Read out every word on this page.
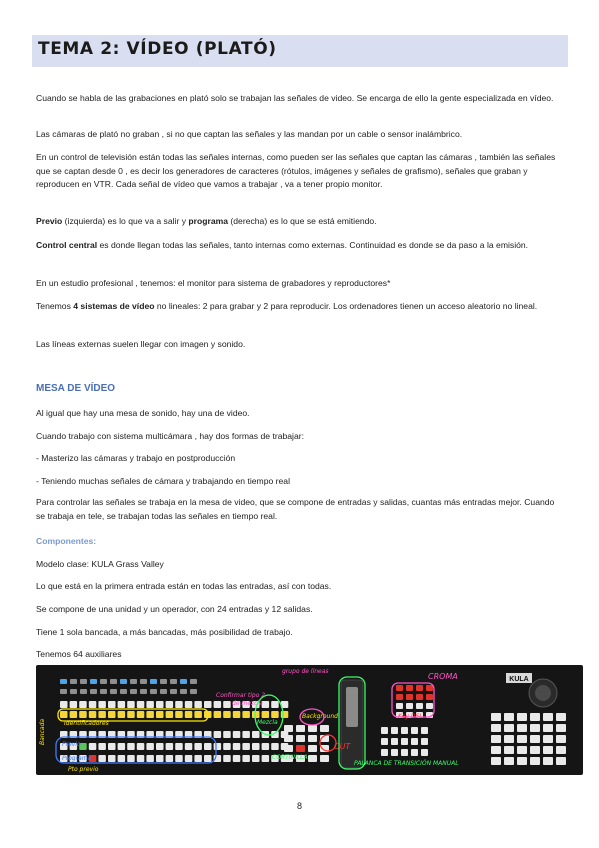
TEMA 2: VÍDEO (PLATÓ)

Cuando se habla de las grabaciones en plató solo se trabajan las señales de video. Se encarga de ello la gente especializada en vídeo.

Las cámaras de plató no graban , si no que captan las señales y las mandan por un cable o sensor inalámbrico.

En un control de televisión están todas las señales internas, como pueden ser las señales que captan las cámaras , también las señales que se captan desde 0 , es decir los generadores de caracteres (rótulos, imágenes y señales de grafismo), señales que graban y reproducen en VTR. Cada señal de vídeo que vamos a trabajar , va a tener propio monitor.

Previo (izquierda) es lo que va a salir y programa (derecha) es lo que se está emitiendo.

Control central es donde llegan todas las señales, tanto internas como externas. Continuidad es donde se da paso a la emisión.

En un estudio profesional , tenemos: el monitor para sistema de grabadores y reproductores*

Tenemos 4 sistemas de vídeo no lineales: 2 para grabar y 2 para reproducir. Los ordenadores tienen un acceso aleatorio no lineal.

Las líneas externas suelen llegar con imagen y sonido.

MESA DE VÍDEO

Al igual que hay una mesa de sonido, hay una de video.

Cuando trabajo con sistema multicámara , hay dos formas de trabajar:

- Masterizo las cámaras y trabajo en postproducción

- Teniendo muchas señales de cámara y trabajando en tiempo real

Para controlar las señales se trabaja en la mesa de video, que se compone de entradas y salidas, cuantas más entradas mejor. Cuando se trabaja en tele, se trabajan todas las señales en tiempo real.

Componentes:

Modelo clase: KULA Grass Valley

Lo que está en la primera entrada están en todas las entradas, así con todas.

Se compone de una unidad y un operador, con 24 entradas y 12 salidas.

Tiene 1 sola bancada, a más bancadas, más posibilidad de trabajo.

Tenemos 64 auxiliares

KULA
Bancada	Identificadores
Confirmar tipo 2
de mezcla
Mezcla
Background
CUT
CORTINILLA
PALANCA DE TRANSICIÓN MANUAL
CROMA
Key DSL
Previo
Programa
Pto previo
grupo de líneas
8
